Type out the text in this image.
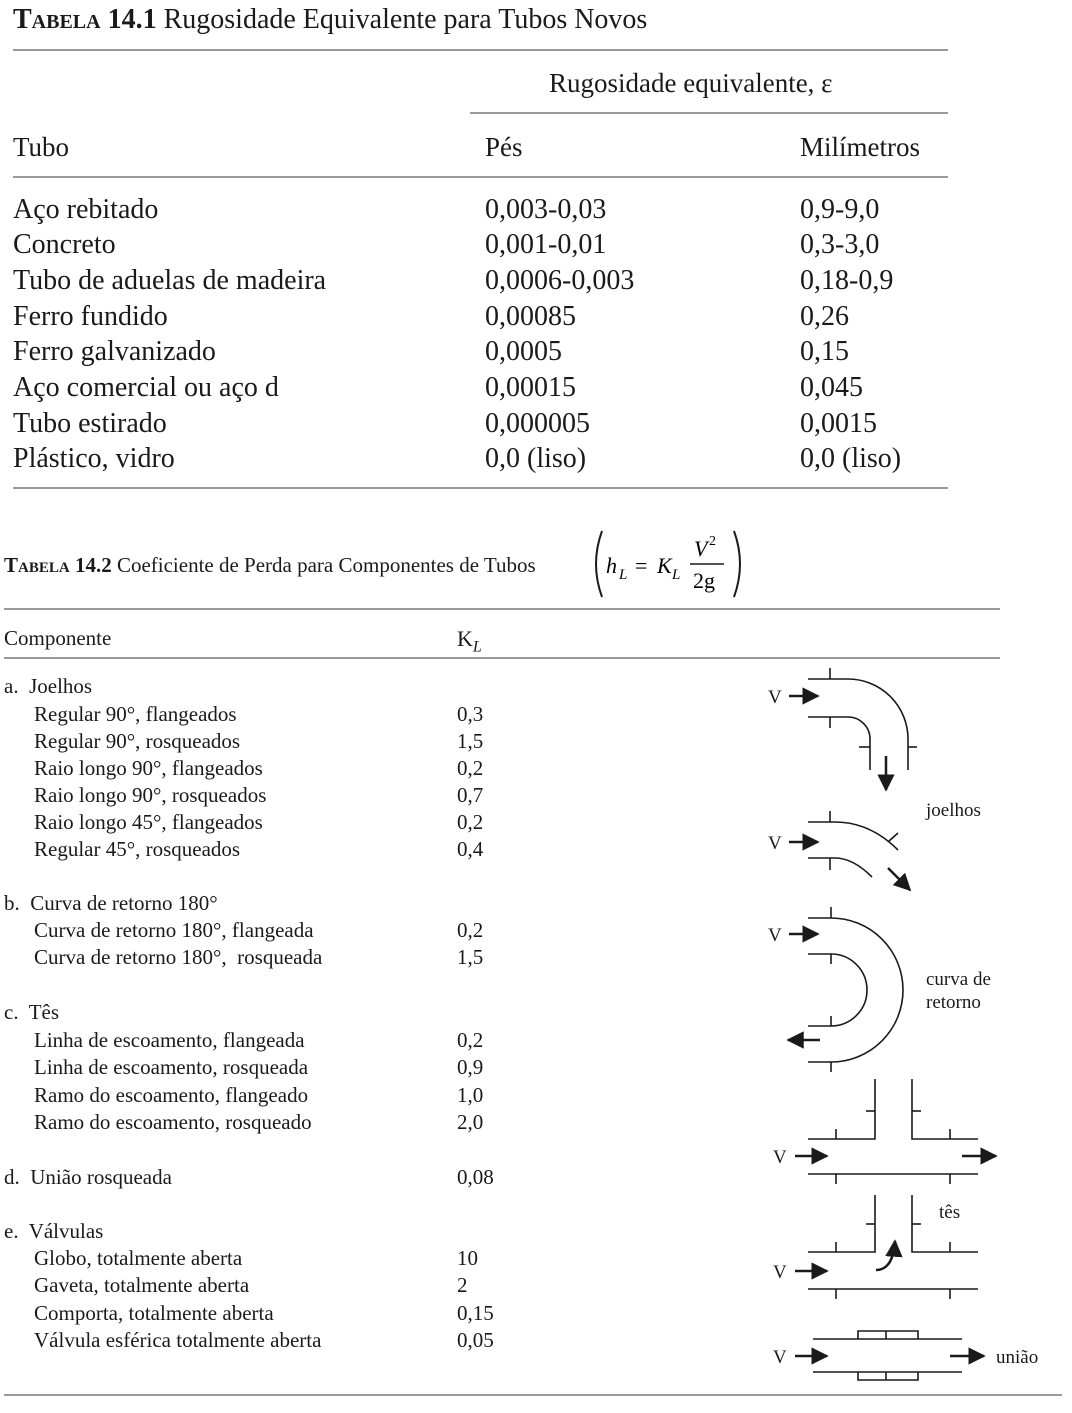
Tabela 14.1 Rugosidade Equivalente para Tubos Novos
Rugosidade equivalente, ε
Tubo	Pés	Milímetros
Aço rebitado	0,003-0,03	0,9-9,0
Concreto	0,001-0,01	0,3-3,0
Tubo de aduelas de madeira	0,0006-0,003	0,18-0,9
Ferro fundido	0,00085	0,26
Ferro galvanizado	0,0005	0,15
Aço comercial ou aço d	0,00015	0,045
Tubo estirado	0,000005	0,0015
Plástico, vidro	0,0 (liso)	0,0 (liso)
Tabela 14.2 Coeficiente de Perda para Componentes de Tubos	h L = K L
V 2
2g
Componente	$K_L$
a.  Joelhos
Regular 90°, flangeados	0,3
Regular 90°, rosqueados	1,5
Raio longo 90°, flangeados	0,2
Raio longo 90°, rosqueados	0,7
Raio longo 45°, flangeados	0,2
Regular 45°, rosqueados	0,4
b.  Curva de retorno 180°
Curva de retorno 180°, flangeada	0,2
Curva de retorno 180°,  rosqueada	1,5
c.  Tês
Linha de escoamento, flangeada	0,2
Linha de escoamento, rosqueada	0,9
Ramo do escoamento, flangeado	1,0
Ramo do escoamento, rosqueado	2,0
d.  União rosqueada	0,08
e.  Válvulas
Globo, totalmente aberta	10
Gaveta, totalmente aberta	2
Comporta, totalmente aberta	0,15
Válvula esférica totalmente aberta	0,05
V
V
V
V
V
V
joelhos
curva de
retorno
tês
união
